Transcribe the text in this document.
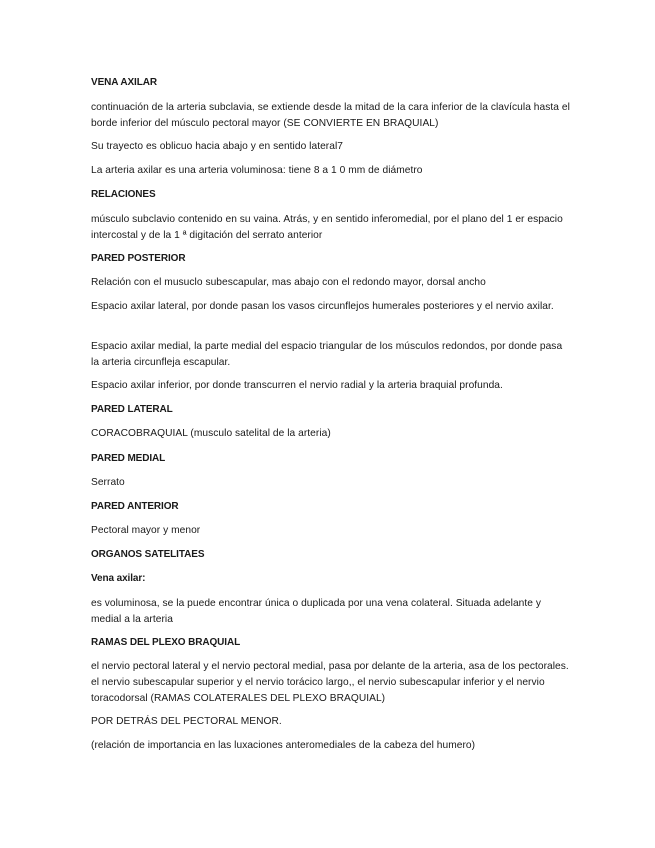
VENA AXILAR
continuación de la arteria subclavia, se extiende desde la mitad de la cara inferior de la clavícula hasta el borde inferior del músculo pectoral mayor (SE CONVIERTE EN BRAQUIAL)
Su trayecto es oblicuo hacia abajo y en sentido lateral7
La arteria axilar es una arteria voluminosa: tiene 8 a 1 0 mm de diámetro
RELACIONES
músculo subclavio contenido en su vaina. Atrás, y en sentido inferomedial, por el plano del 1 er espacio intercostal y de la 1 ª digitación del serrato anterior
PARED POSTERIOR
Relación con el musuclo subescapular, mas abajo con el redondo mayor, dorsal ancho
Espacio axilar lateral, por donde pasan los vasos circunflejos humerales posteriores y el nervio axilar.
Espacio axilar medial, la parte medial del espacio triangular de los músculos redondos, por donde pasa la arteria circunfleja escapular.
Espacio axilar inferior, por donde transcurren el nervio radial y la arteria braquial profunda.
PARED LATERAL
CORACOBRAQUIAL (musculo satelital de la arteria)
PARED MEDIAL
Serrato
PARED ANTERIOR
Pectoral mayor y menor
ORGANOS SATELITAES
Vena axilar:
es voluminosa, se la puede encontrar única o duplicada por una vena colateral. Situada adelante y medial a la arteria
RAMAS DEL PLEXO BRAQUIAL
el nervio pectoral lateral y el nervio pectoral medial, pasa por delante de la arteria, asa de los pectorales. el nervio subescapular superior y el nervio torácico largo,, el nervio subescapular inferior y el nervio toracodorsal (RAMAS COLATERALES DEL PLEXO BRAQUIAL)
POR DETRÁS DEL PECTORAL MENOR.
(relación de importancia en las luxaciones anteromediales de la cabeza del humero)
